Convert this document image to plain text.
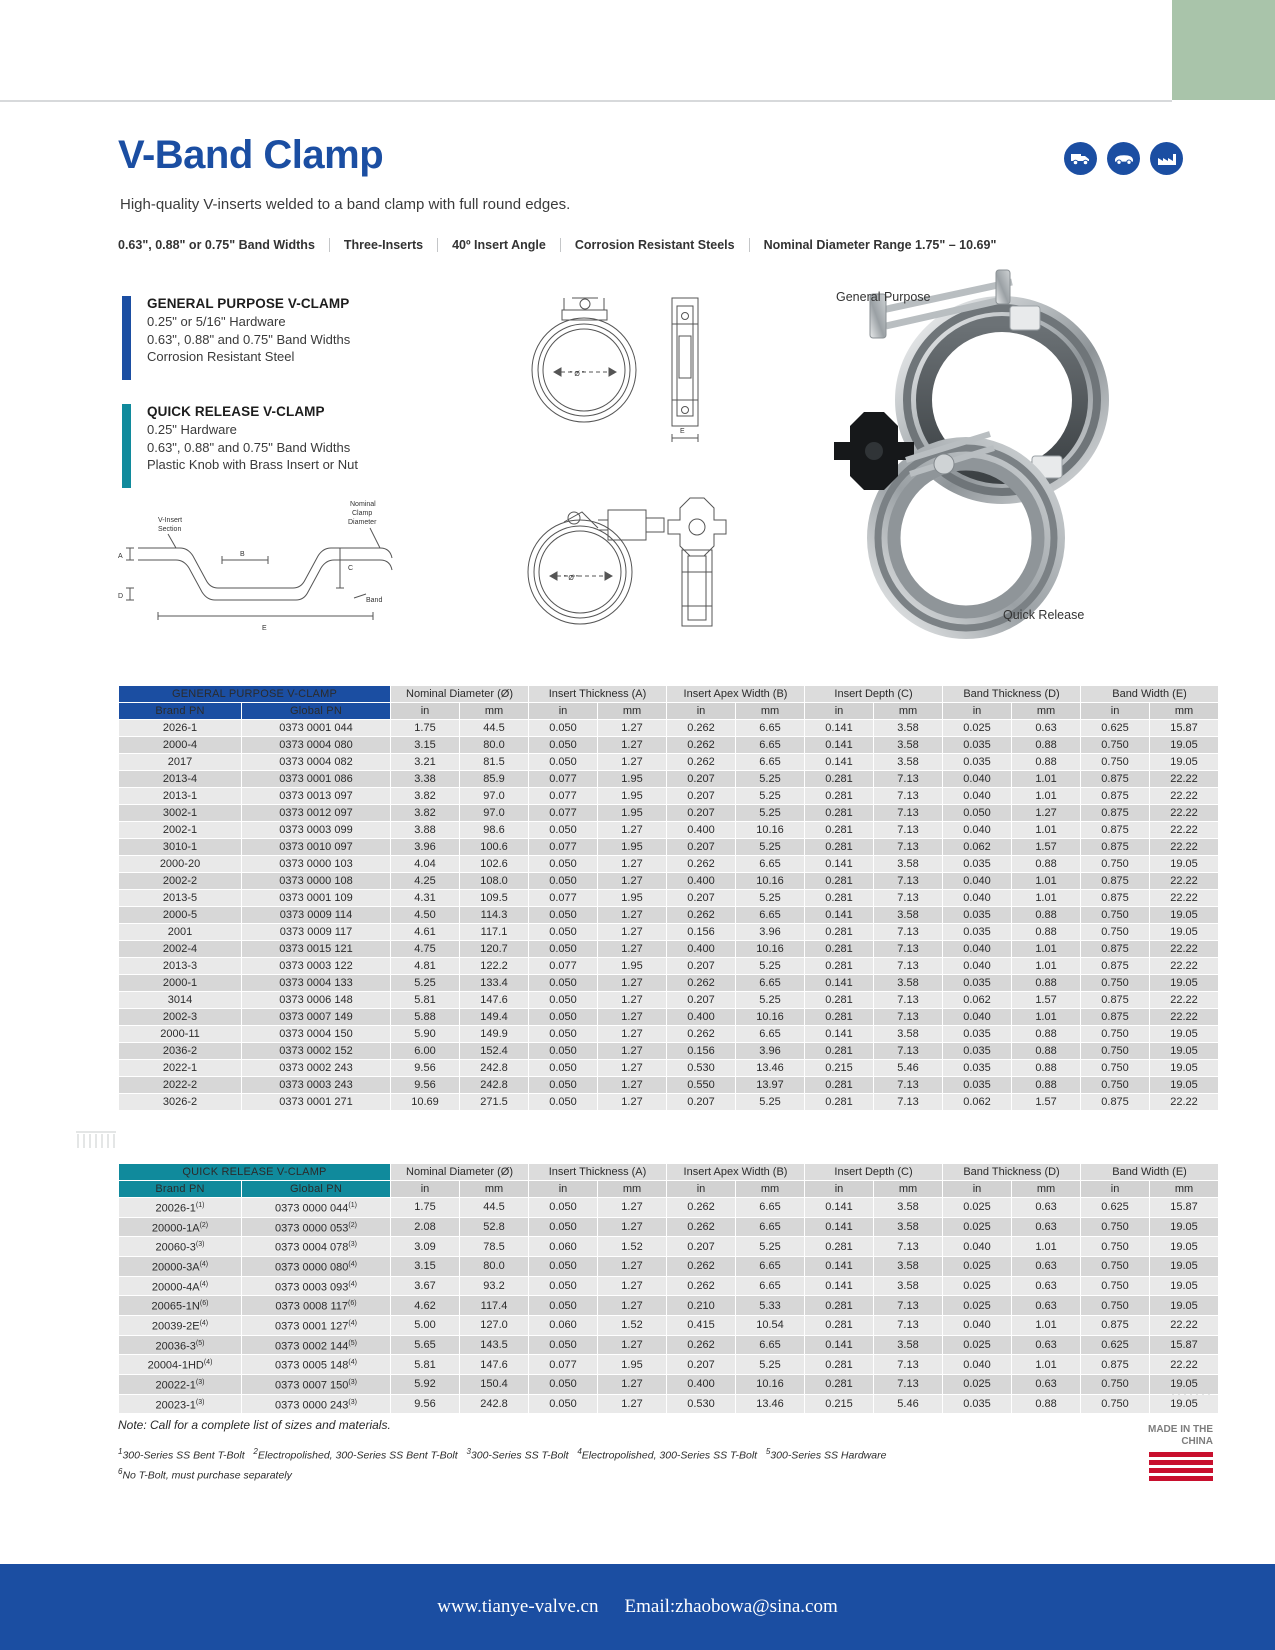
V-Band Clamp
High-quality V-inserts welded to a band clamp with full round edges.
0.63", 0.88" or 0.75" Band Widths	Three-Inserts	40º Insert Angle	Corrosion Resistant Steels	Nominal Diameter Range 1.75" – 10.69"
GENERAL PURPOSE V-CLAMP

0.25" or 5/16" Hardware

0.63", 0.88" and 0.75" Band Widths

Corrosion Resistant Steel

QUICK RELEASE V-CLAMP

0.25" Hardware

0.63", 0.88" and 0.75" Band Widths

Plastic Knob with Brass Insert or Nut

A	B
C
D
E
V-Insert
Section
Band
Nominal
Clamp
Diameter
" Ø "
E
" Ø "
General Purpose
Quick Release
GENERAL PURPOSE V-CLAMP		Nominal Diameter (Ø)		Insert Thickness (A)		Insert Apex Width (B)		Insert Depth (C)		Band Thickness (D)		Band Width (E)	
Brand PN	Global PN	in	mm	in	mm	in	mm	in	mm	in	mm	in	mm
2026-1	0373 0001 044	1.75	44.5	0.050	1.27	0.262	6.65	0.141	3.58	0.025	0.63	0.625	15.87
2000-4	0373 0004 080	3.15	80.0	0.050	1.27	0.262	6.65	0.141	3.58	0.035	0.88	0.750	19.05
2017	0373 0004 082	3.21	81.5	0.050	1.27	0.262	6.65	0.141	3.58	0.035	0.88	0.750	19.05
2013-4	0373 0001 086	3.38	85.9	0.077	1.95	0.207	5.25	0.281	7.13	0.040	1.01	0.875	22.22
2013-1	0373 0013 097	3.82	97.0	0.077	1.95	0.207	5.25	0.281	7.13	0.040	1.01	0.875	22.22
3002-1	0373 0012 097	3.82	97.0	0.077	1.95	0.207	5.25	0.281	7.13	0.050	1.27	0.875	22.22
2002-1	0373 0003 099	3.88	98.6	0.050	1.27	0.400	10.16	0.281	7.13	0.040	1.01	0.875	22.22
3010-1	0373 0010 097	3.96	100.6	0.077	1.95	0.207	5.25	0.281	7.13	0.062	1.57	0.875	22.22
2000-20	0373 0000 103	4.04	102.6	0.050	1.27	0.262	6.65	0.141	3.58	0.035	0.88	0.750	19.05
2002-2	0373 0000 108	4.25	108.0	0.050	1.27	0.400	10.16	0.281	7.13	0.040	1.01	0.875	22.22
2013-5	0373 0001 109	4.31	109.5	0.077	1.95	0.207	5.25	0.281	7.13	0.040	1.01	0.875	22.22
2000-5	0373 0009 114	4.50	114.3	0.050	1.27	0.262	6.65	0.141	3.58	0.035	0.88	0.750	19.05
2001	0373 0009 117	4.61	117.1	0.050	1.27	0.156	3.96	0.281	7.13	0.035	0.88	0.750	19.05
2002-4	0373 0015 121	4.75	120.7	0.050	1.27	0.400	10.16	0.281	7.13	0.040	1.01	0.875	22.22
2013-3	0373 0003 122	4.81	122.2	0.077	1.95	0.207	5.25	0.281	7.13	0.040	1.01	0.875	22.22
2000-1	0373 0004 133	5.25	133.4	0.050	1.27	0.262	6.65	0.141	3.58	0.035	0.88	0.750	19.05
3014	0373 0006 148	5.81	147.6	0.050	1.27	0.207	5.25	0.281	7.13	0.062	1.57	0.875	22.22
2002-3	0373 0007 149	5.88	149.4	0.050	1.27	0.400	10.16	0.281	7.13	0.040	1.01	0.875	22.22
2000-11	0373 0004 150	5.90	149.9	0.050	1.27	0.262	6.65	0.141	3.58	0.035	0.88	0.750	19.05
2036-2	0373 0002 152	6.00	152.4	0.050	1.27	0.156	3.96	0.281	7.13	0.035	0.88	0.750	19.05
2022-1	0373 0002 243	9.56	242.8	0.050	1.27	0.530	13.46	0.215	5.46	0.035	0.88	0.750	19.05
2022-2	0373 0003 243	9.56	242.8	0.050	1.27	0.550	13.97	0.281	7.13	0.035	0.88	0.750	19.05
3026-2	0373 0001 271	10.69	271.5	0.050	1.27	0.207	5.25	0.281	7.13	0.062	1.57	0.875	22.22
QUICK RELEASE V-CLAMP		Nominal Diameter (Ø)		Insert Thickness (A)		Insert Apex Width (B)		Insert Depth (C)		Band Thickness (D)		Band Width (E)	
Brand PN	Global PN	in	mm	in	mm	in	mm	in	mm	in	mm	in	mm
20026-1$^{(1)}$	0373 0000 044$^{(1)}$	1.75	44.5	0.050	1.27	0.262	6.65	0.141	3.58	0.025	0.63	0.625	15.87
$20000-1A^{(2)}$	0373 0000 053$^{(2)}$	2.08	52.8	0.050	1.27	0.262	6.65	0.141	3.58	0.025	0.63	0.750	19.05
20060-3$^{(3)}$	0373 0004 078$^{(3)}$	3.09	78.5	0.060	1.52	0.207	5.25	0.281	7.13	0.040	1.01	0.750	19.05
$20000-3A^{(4)}$	0373 0000 080$^{(4)}$	3.15	80.0	0.050	1.27	0.262	6.65	0.141	3.58	0.025	0.63	0.750	19.05
$20000-4A^{(4)}$	0373 0003 093$^{(4)}$	3.67	93.2	0.050	1.27	0.262	6.65	0.141	3.58	0.025	0.63	0.750	19.05
$20065-1N^{(6)}$	0373 0008 117$^{(6)}$	4.62	117.4	0.050	1.27	0.210	5.33	0.281	7.13	0.025	0.63	0.750	19.05
$20039-2E^{(4)}$	0373 0001 127$^{(4)}$	5.00	127.0	0.060	1.52	0.415	10.54	0.281	7.13	0.040	1.01	0.875	22.22
20036-3$^{(5)}$	0373 0002 144$^{(5)}$	5.65	143.5	0.050	1.27	0.262	6.65	0.141	3.58	0.025	0.63	0.625	15.87
20004-1HD$^{(4)}$	0373 0005 148$^{(4)}$	5.81	147.6	0.077	1.95	0.207	5.25	0.281	7.13	0.040	1.01	0.875	22.22
20022-1$^{(3)}$	0373 0007 150$^{(3)}$	5.92	150.4	0.050	1.27	0.400	10.16	0.281	7.13	0.025	0.63	0.750	19.05
20023-1$^{(3)}$	0373 0000 243$^{(3)}$	9.56	242.8	0.050	1.27	0.530	13.46	0.215	5.46	0.035	0.88	0.750	19.05
Note: Call for a complete list of sizes and materials.
$^1$300-Series SS Bent T-Bolt $^2$Electropolished, 300-Series SS Bent T-Bolt $^3$300-Series SS T-Bolt $^4$Electropolished, 300-Series SS T-Bolt $^5$300-Series SS Hardware
$^6$No T-Bolt, must purchase separately
MADE IN THE
CHINA
www.tianye-valve.cn Email:zhaobowa@sina.com
